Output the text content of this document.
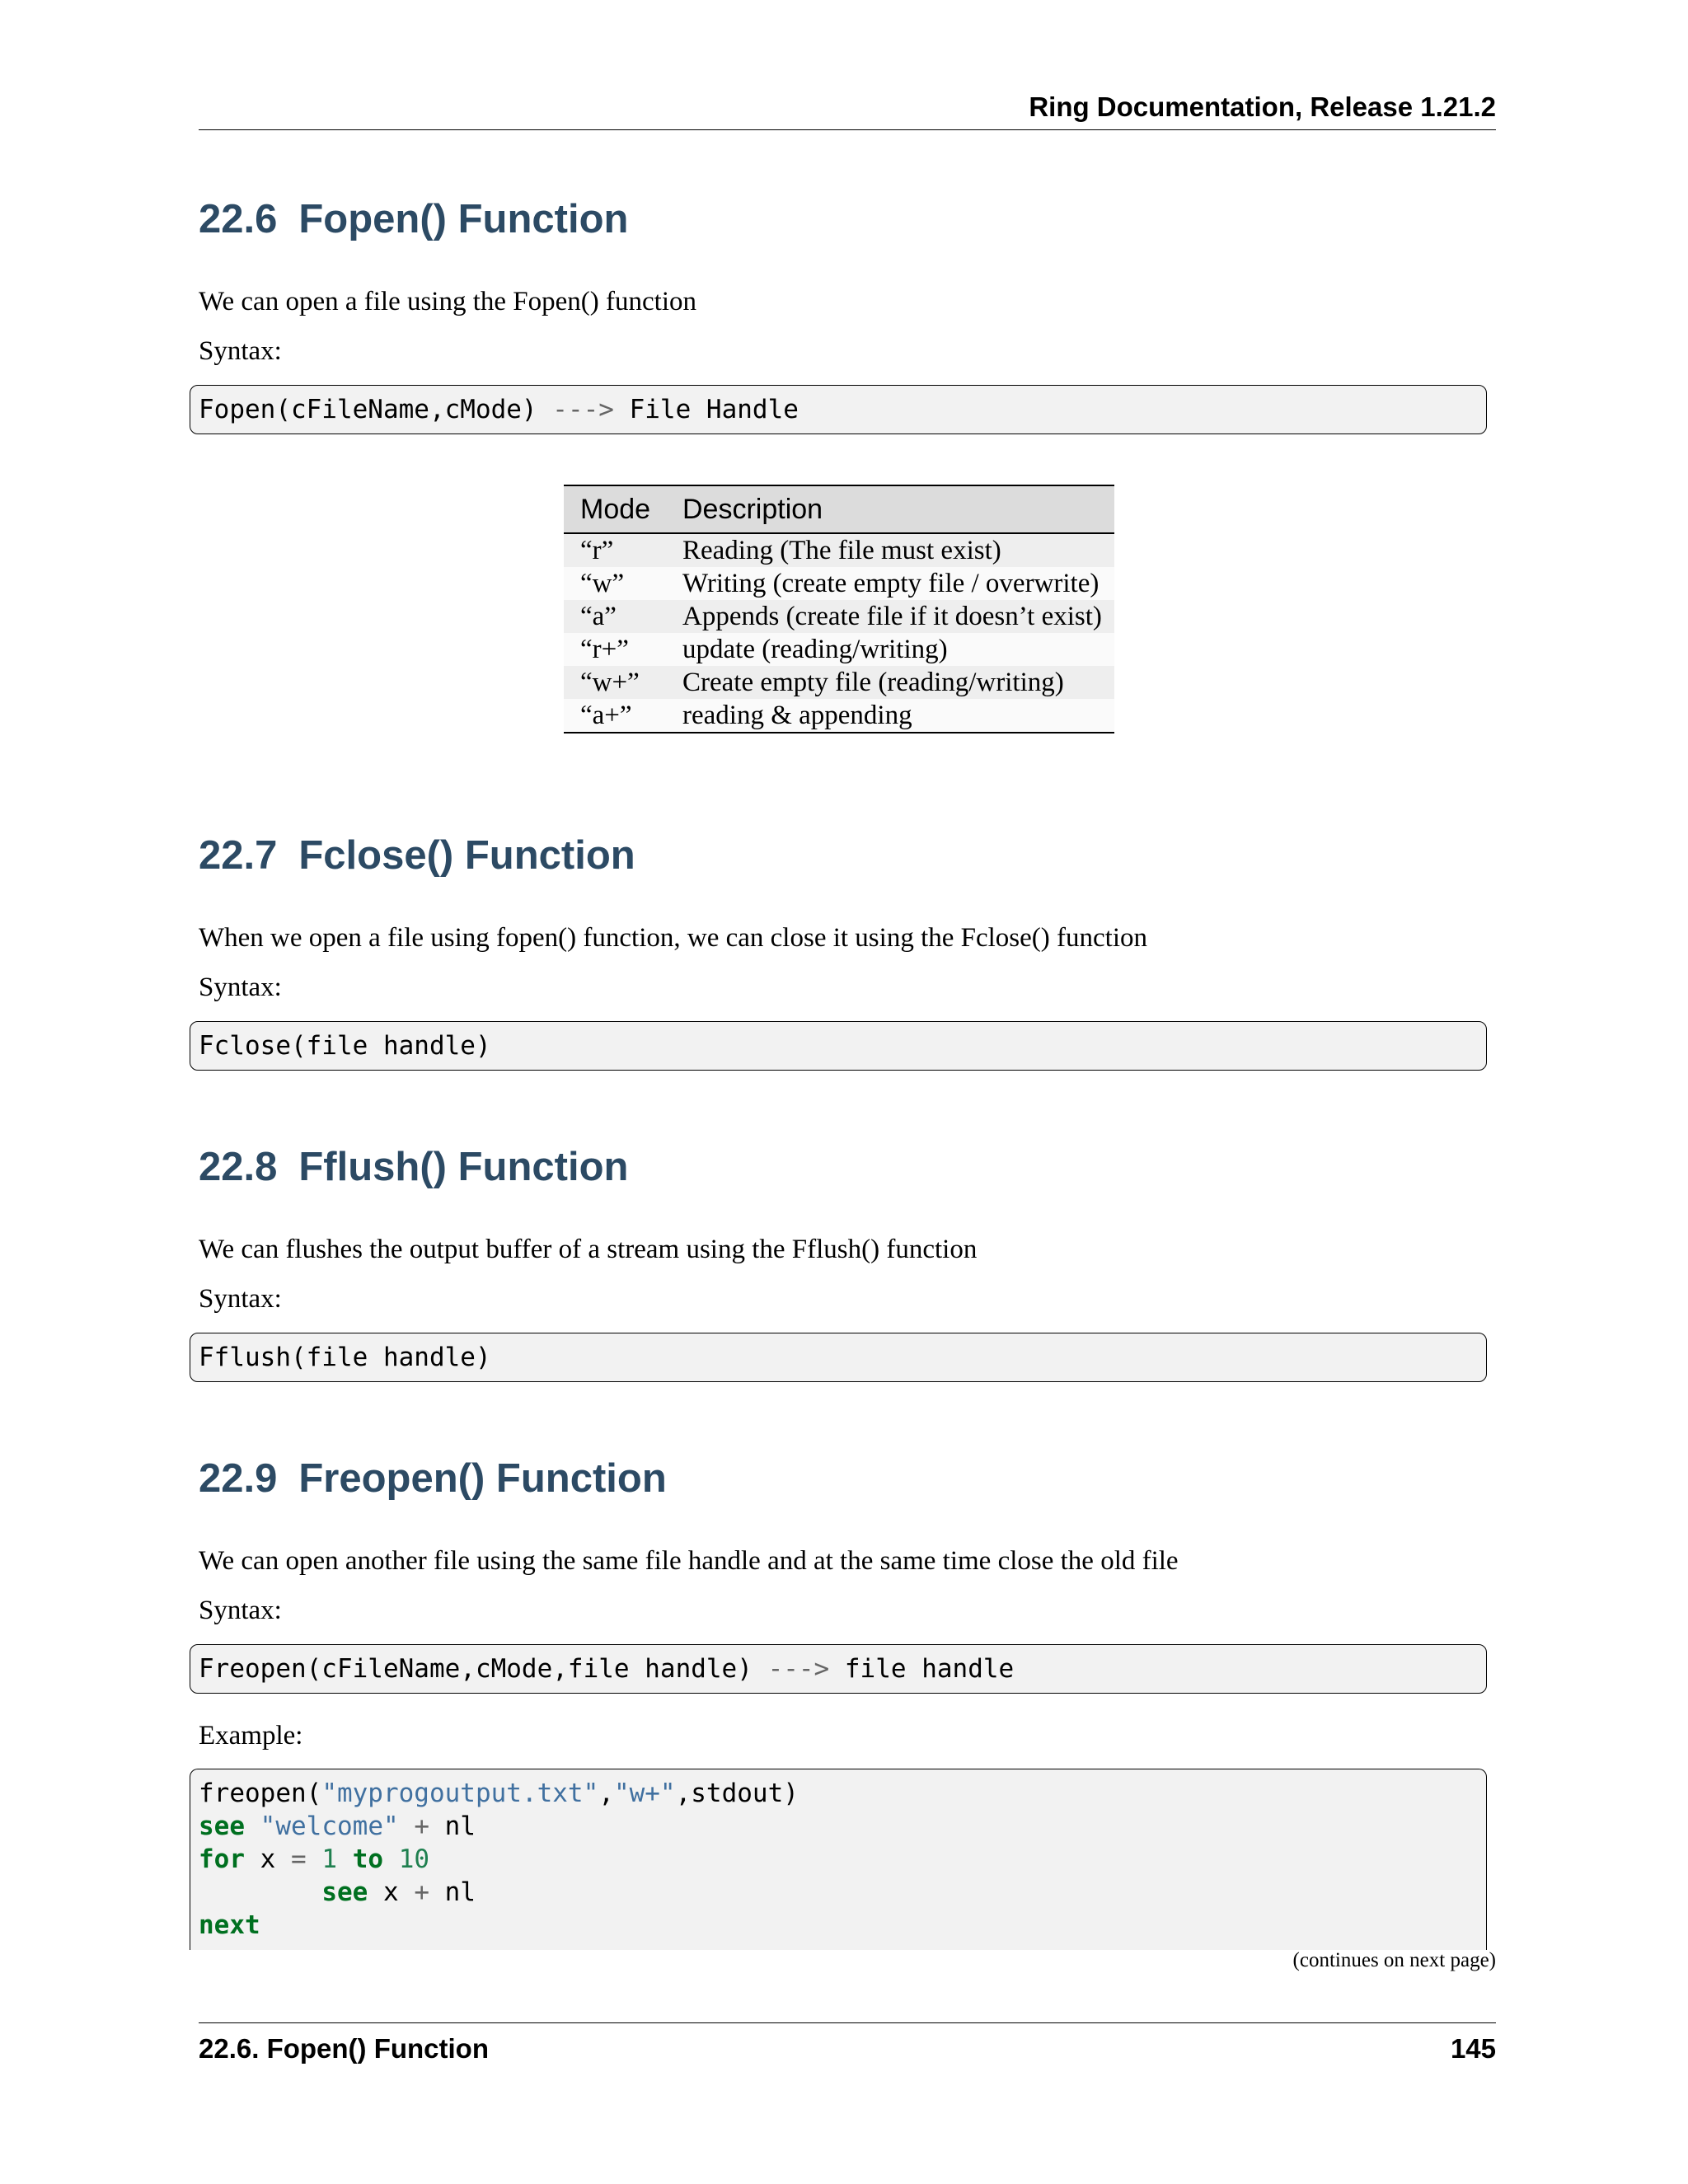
Ring Documentation, Release 1.21.2
22.6 Fopen() Function

We can open a file using the Fopen() function

Syntax:

Fopen(cFileName,cMode) ---> File Handle
Mode	Description
“r”	Reading (The file must exist)
“w”	Writing (create empty file / overwrite)
“a”	Appends (create file if it doesn’t exist)
“r+”	update (reading/writing)
“w+”	Create empty file (reading/writing)
“a+”	reading & appending
22.7 Fclose() Function

When we open a file using fopen() function, we can close it using the Fclose() function

Syntax:

Fclose(file handle)
22.8 Fflush() Function

We can flushes the output buffer of a stream using the Fflush() function

Syntax:

Fflush(file handle)
22.9 Freopen() Function

We can open another file using the same file handle and at the same time close the old file

Syntax:

Freopen(cFileName,cMode,file handle) ---> file handle

Example:

freopen("myprogoutput.txt","w+",stdout)
see "welcome" + nl
for x = 1 to 10
see x + nl
next
(continues on next page)
22.6. Fopen() Function	145
